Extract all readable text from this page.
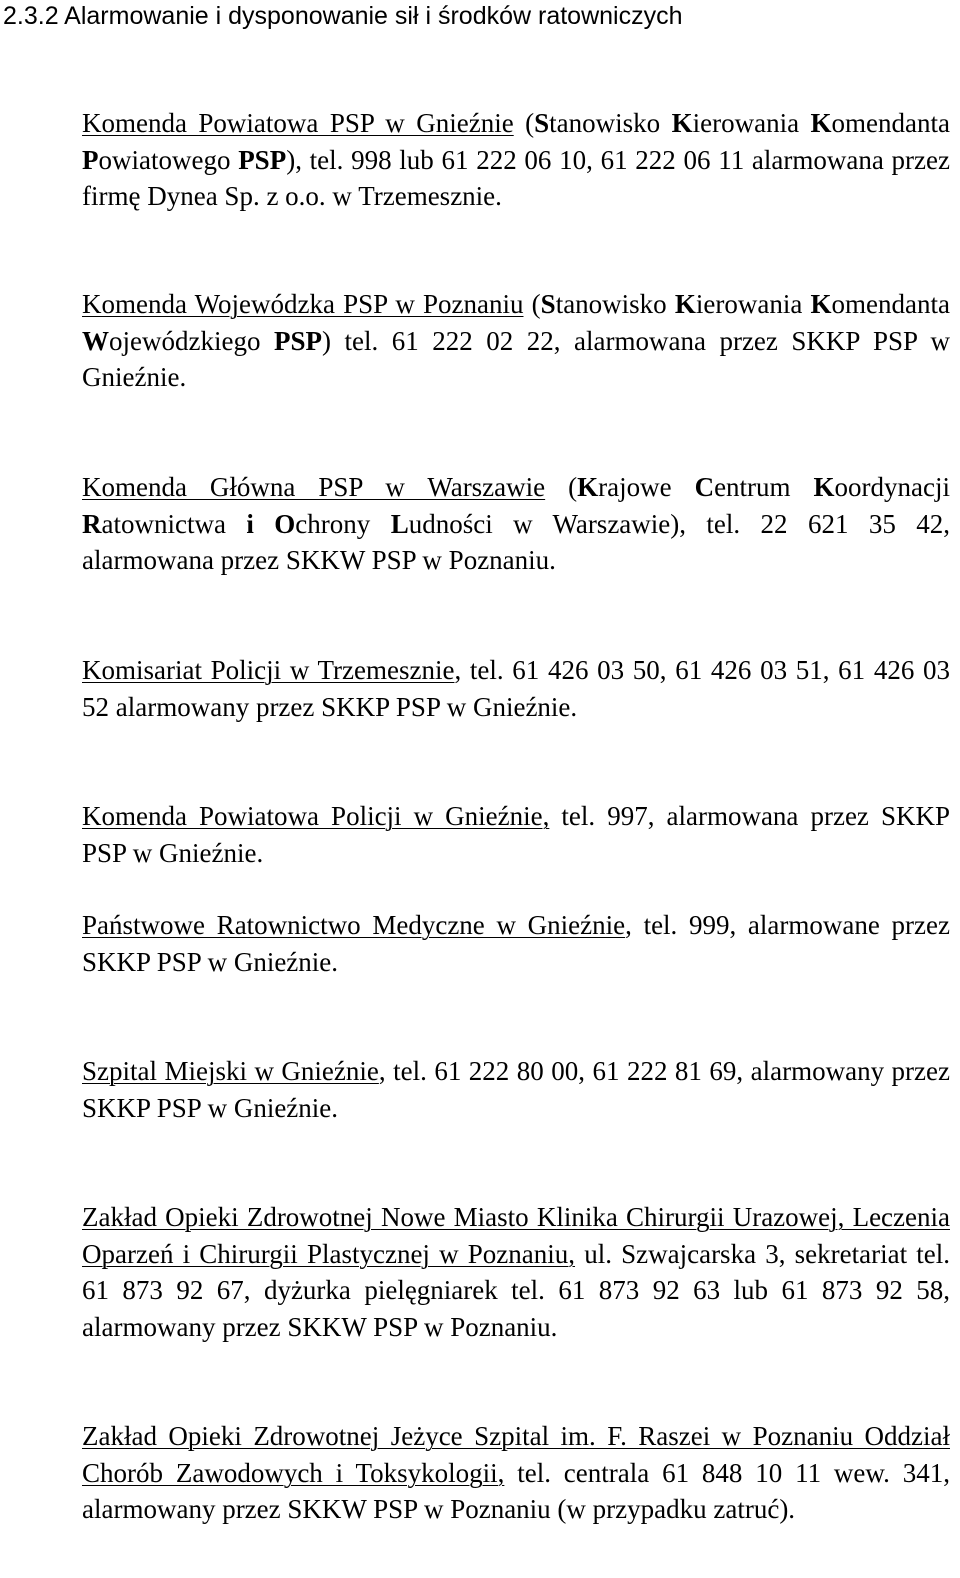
2.3.2 Alarmowanie i dysponowanie sił i środków ratowniczych
Komenda Powiatowa PSP w Gnieźnie (Stanowisko Kierowania Komendanta Powiatowego PSP), tel. 998 lub 61 222 06 10, 61 222 06 11 alarmowana przez firmę Dynea Sp. z o.o. w Trzemesznie.
Komenda Wojewódzka PSP w Poznaniu (Stanowisko Kierowania Komendanta Wojewódzkiego PSP) tel. 61 222 02 22, alarmowana przez SKKP PSP w Gnieźnie.
Komenda Główna PSP w Warszawie (Krajowe Centrum Koordynacji Ratownictwa i Ochrony Ludności w Warszawie), tel. 22 621 35 42, alarmowana przez SKKW PSP w Poznaniu.
Komisariat Policji w Trzemesznie, tel. 61 426 03 50, 61 426 03 51, 61 426 03 52 alarmowany przez SKKP PSP w Gnieźnie.
Komenda Powiatowa Policji w Gnieźnie, tel. 997, alarmowana przez SKKP PSP w Gnieźnie.
Państwowe Ratownictwo Medyczne w Gnieźnie, tel. 999, alarmowane przez SKKP PSP w Gnieźnie.
Szpital Miejski w Gnieźnie, tel. 61 222 80 00, 61 222 81 69, alarmowany przez SKKP PSP w Gnieźnie.
Zakład Opieki Zdrowotnej Nowe Miasto Klinika Chirurgii Urazowej, Leczenia Oparzeń i Chirurgii Plastycznej w Poznaniu, ul. Szwajcarska 3, sekretariat tel. 61 873 92 67, dyżurka pielęgniarek tel. 61 873 92 63 lub 61 873 92 58, alarmowany przez SKKW PSP w Poznaniu.
Zakład Opieki Zdrowotnej Jeżyce Szpital im. F. Raszei w Poznaniu Oddział Chorób Zawodowych i Toksykologii, tel. centrala 61 848 10 11 wew. 341, alarmowany przez SKKW PSP w Poznaniu (w przypadku zatruć).
